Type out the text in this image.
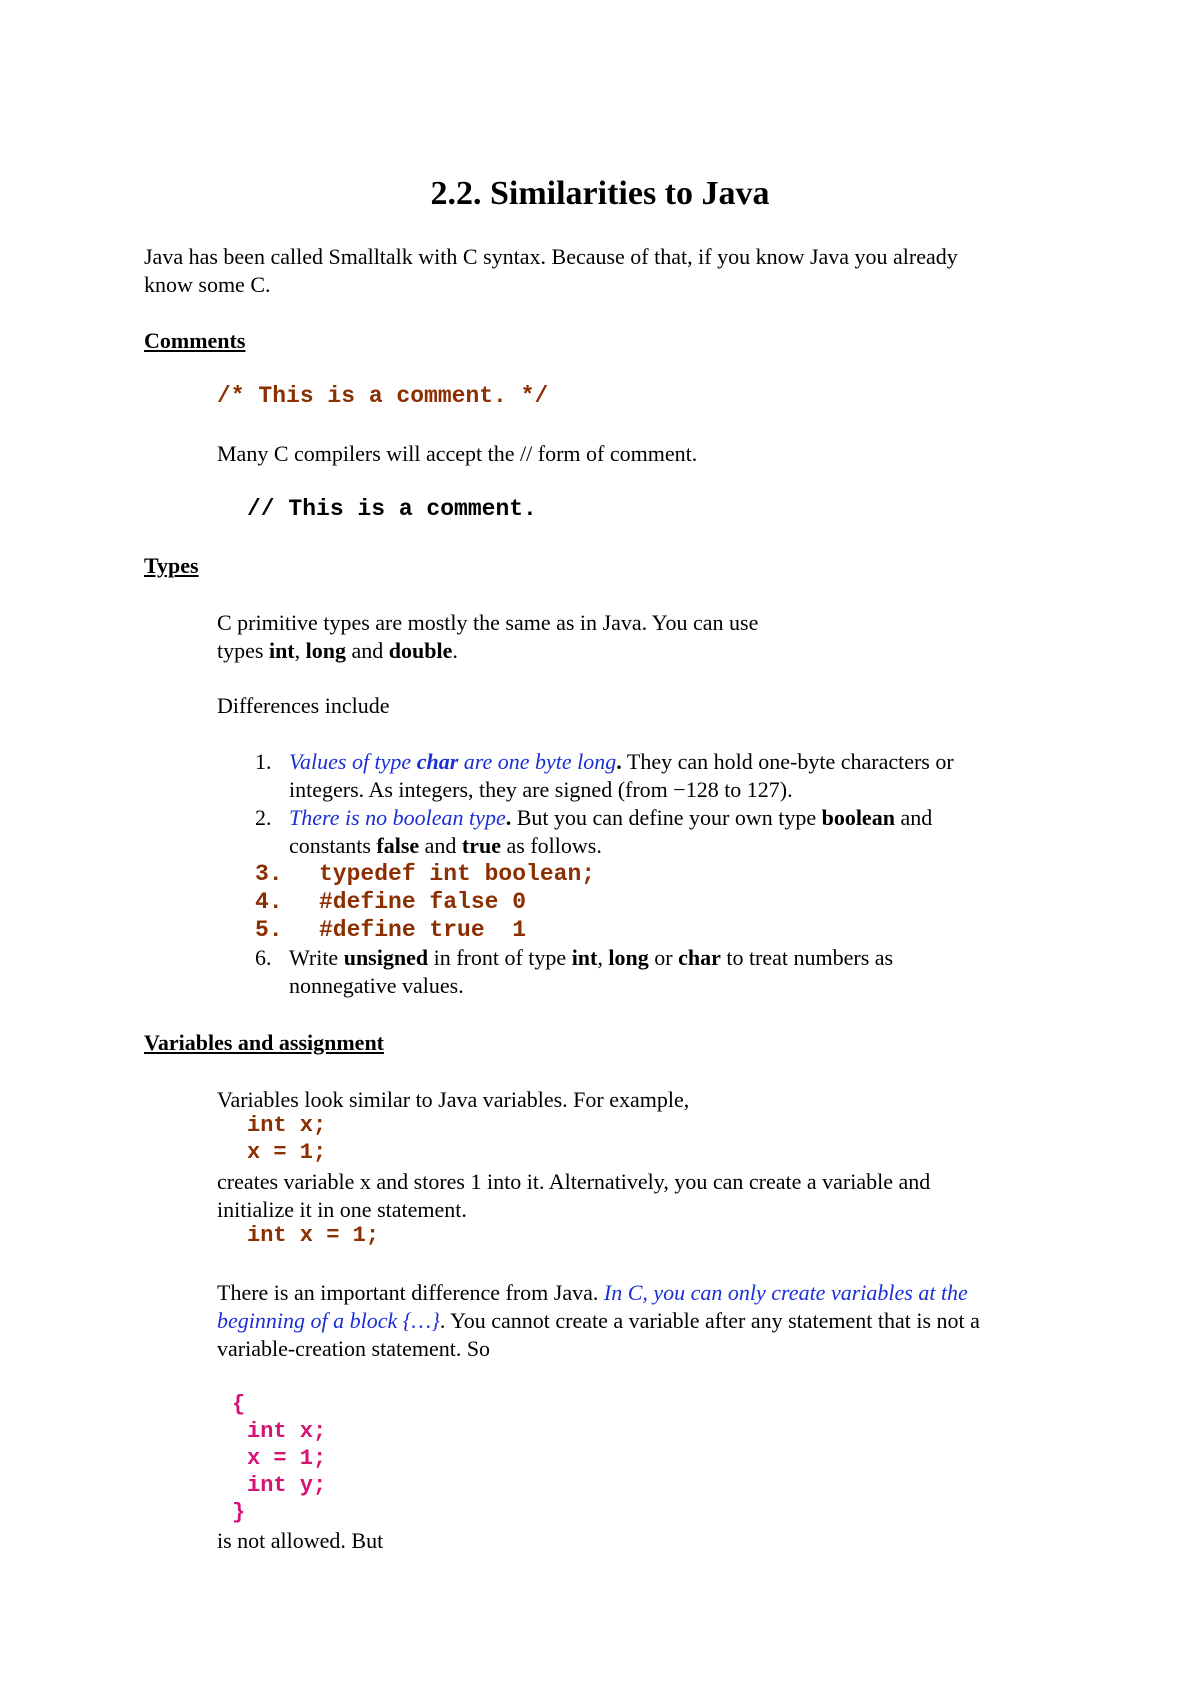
2.2. Similarities to Java
Java has been called Smalltalk with C syntax. Because of that, if you know Java you already
know some C.
Comments
/* This is a comment. */
Many C compilers will accept the // form of comment.
// This is a comment.
Types
C primitive types are mostly the same as in Java. You can use
types int, long and double.
Differences include
1. Values of type char are one byte long. They can hold one-byte characters or
integers. As integers, they are signed (from −128 to 127).
2. There is no boolean type. But you can define your own type boolean and
constants false and true as follows.
3. typedef int boolean;
4. #define false 0
5. #define true  1
6. Write unsigned in front of type int, long or char to treat numbers as
nonnegative values.
Variables and assignment
Variables look similar to Java variables. For example,
int x;
x = 1;
creates variable x and stores 1 into it. Alternatively, you can create a variable and
initialize it in one statement.
int x = 1;
There is an important difference from Java. In C, you can only create variables at the
beginning of a block {…}. You cannot create a variable after any statement that is not a
variable-creation statement. So
{
int x;
x = 1;
int y;
}
is not allowed. But
